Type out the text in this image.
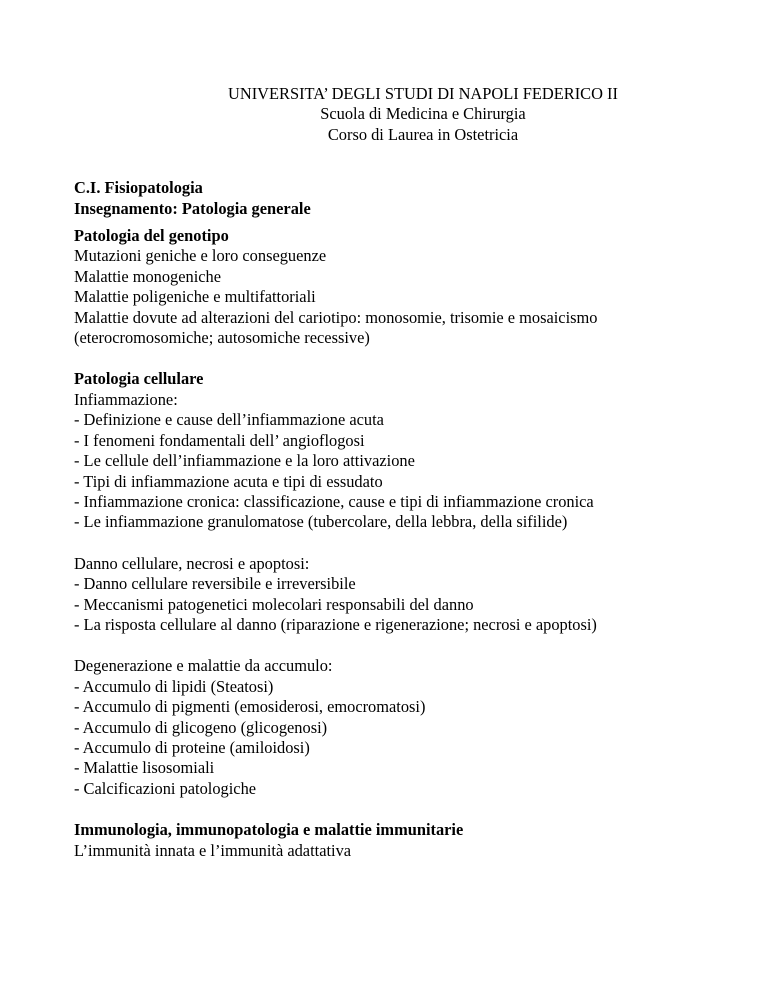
UNIVERSITA’ DEGLI STUDI DI NAPOLI FEDERICO II
Scuola di Medicina e Chirurgia
Corso di Laurea in Ostetricia
C.I. Fisiopatologia
Insegnamento: Patologia generale
Patologia del genotipo
Mutazioni geniche e loro conseguenze
Malattie monogeniche
Malattie poligeniche e multifattoriali
Malattie dovute ad alterazioni del cariotipo: monosomie, trisomie e mosaicismo
(eterocromosomiche; autosomiche recessive)
Patologia cellulare
Infiammazione:
- Definizione e cause dell’infiammazione acuta
- I fenomeni fondamentali dell’ angioflogosi
- Le cellule dell’infiammazione e la loro attivazione
- Tipi di infiammazione acuta e tipi di essudato
- Infiammazione cronica: classificazione, cause e tipi di infiammazione cronica
- Le infiammazione granulomatose (tubercolare, della lebbra, della sifilide)
Danno cellulare, necrosi e apoptosi:
- Danno cellulare reversibile e irreversibile
- Meccanismi patogenetici molecolari responsabili del danno
- La risposta cellulare al danno (riparazione e rigenerazione; necrosi e apoptosi)
Degenerazione e malattie da accumulo:
- Accumulo di lipidi (Steatosi)
- Accumulo di pigmenti (emosiderosi, emocromatosi)
- Accumulo di glicogeno (glicogenosi)
- Accumulo di proteine (amiloidosi)
- Malattie lisosomiali
- Calcificazioni patologiche
Immunologia, immunopatologia e malattie immunitarie
L’immunità innata e l’immunità adattativa
